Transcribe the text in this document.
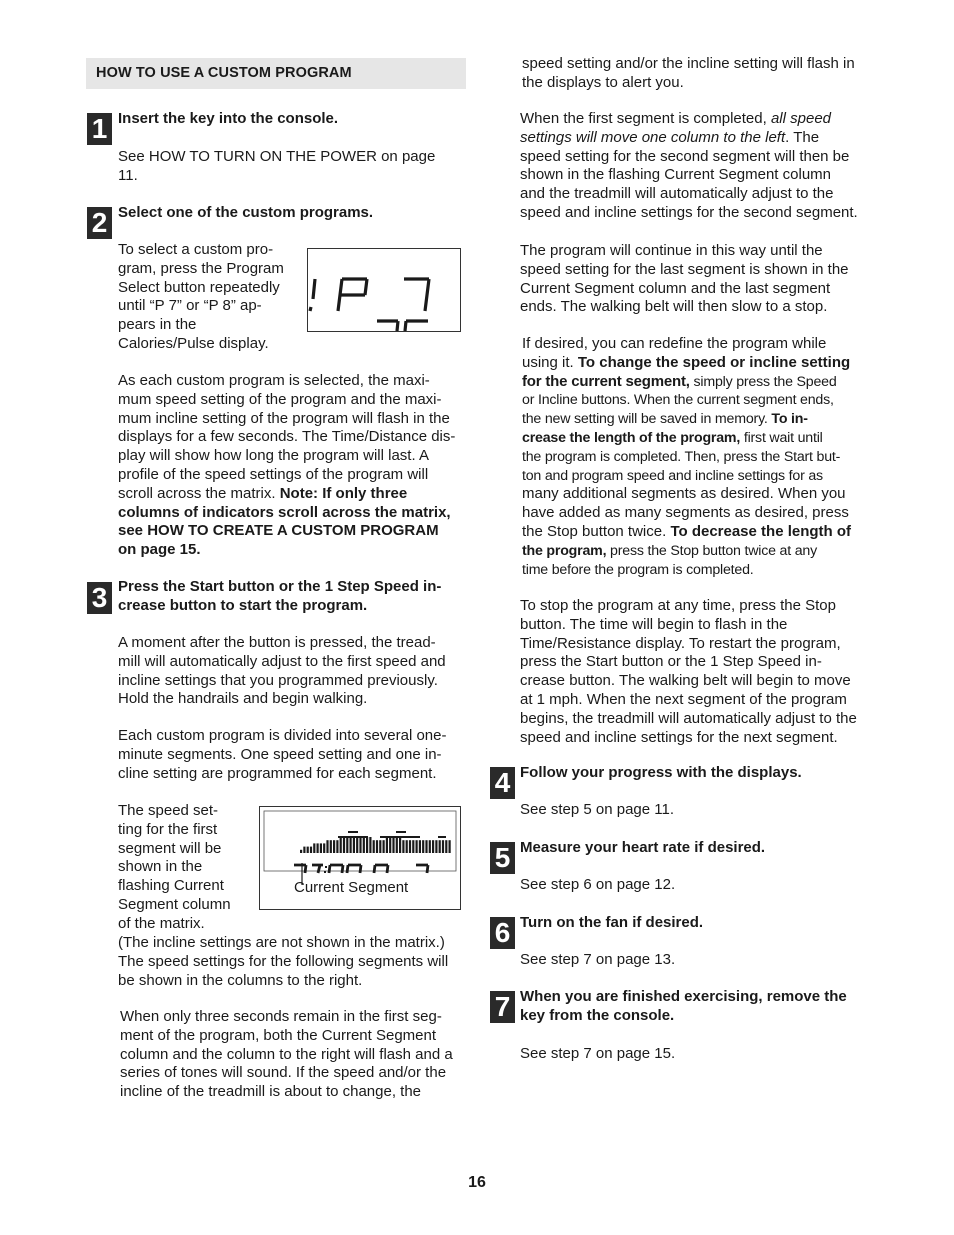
HOW TO USE A CUSTOM PROGRAM
1 Insert the key into the console.

See HOW TO TURN ON THE POWER on page

11.

2 Select one of the custom programs.

To select a custom pro-

gram, press the Program

Select button repeatedly

until “P 7” or “P 8” ap-

pears in the

Calories/Pulse display.

As each custom program is selected, the maxi-

mum speed setting of the program and the maxi-

mum incline setting of the program will flash in the

displays for a few seconds. The Time/Distance dis-

play will show how long the program will last. A

profile of the speed settings of the program will

scroll across the matrix. Note: If only three

columns of indicators scroll across the matrix,

see HOW TO CREATE A CUSTOM PROGRAM

on page 15.

3 Press the Start button or the 1 Step Speed in-

crease button to start the program.

A moment after the button is pressed, the tread-

mill will automatically adjust to the first speed and

incline settings that you programmed previously.

Hold the handrails and begin walking.

Each custom program is divided into several one-

minute segments. One speed setting and one in-

cline setting are programmed for each segment.

The speed set-

ting for the first

segment will be

shown in the

flashing Current

Segment column

of the matrix.

Current Segment

(The incline settings are not shown in the matrix.)

The speed settings for the following segments will

be shown in the columns to the right.

When only three seconds remain in the first seg-

ment of the program, both the Current Segment

column and the column to the right will flash and a

series of tones will sound. If the speed and/or the

incline of the treadmill is about to change, the

speed setting and/or the incline setting will flash in

the displays to alert you.

When the first segment is completed, all speed

settings will move one column to the left. The

speed setting for the second segment will then be

shown in the flashing Current Segment column

and the treadmill will automatically adjust to the

speed and incline settings for the second segment.

The program will continue in this way until the

speed setting for the last segment is shown in the

Current Segment column and the last segment

ends. The walking belt will then slow to a stop.

If desired, you can redefine the program while

using it. To change the speed or incline setting

for the current segment, simply press the Speed

or Incline buttons. When the current segment ends,

the new setting will be saved in memory. To in-

crease the length of the program, first wait until

the program is completed. Then, press the Start but-

ton and program speed and incline settings for as

many additional segments as desired. When you

have added as many segments as desired, press

the Stop button twice. To decrease the length of

the program, press the Stop button twice at any

time before the program is completed.

To stop the program at any time, press the Stop

button. The time will begin to flash in the

Time/Resistance display. To restart the program,

press the Start button or the 1 Step Speed in-

crease button. The walking belt will begin to move

at 1 mph. When the next segment of the program

begins, the treadmill will automatically adjust to the

speed and incline settings for the next segment.

4 Follow your progress with the displays.

See step 5 on page 11.

5 Measure your heart rate if desired.

See step 6 on page 12.

6 Turn on the fan if desired.

See step 7 on page 13.

7 When you are finished exercising, remove the

key from the console.

See step 7 on page 15.

16
